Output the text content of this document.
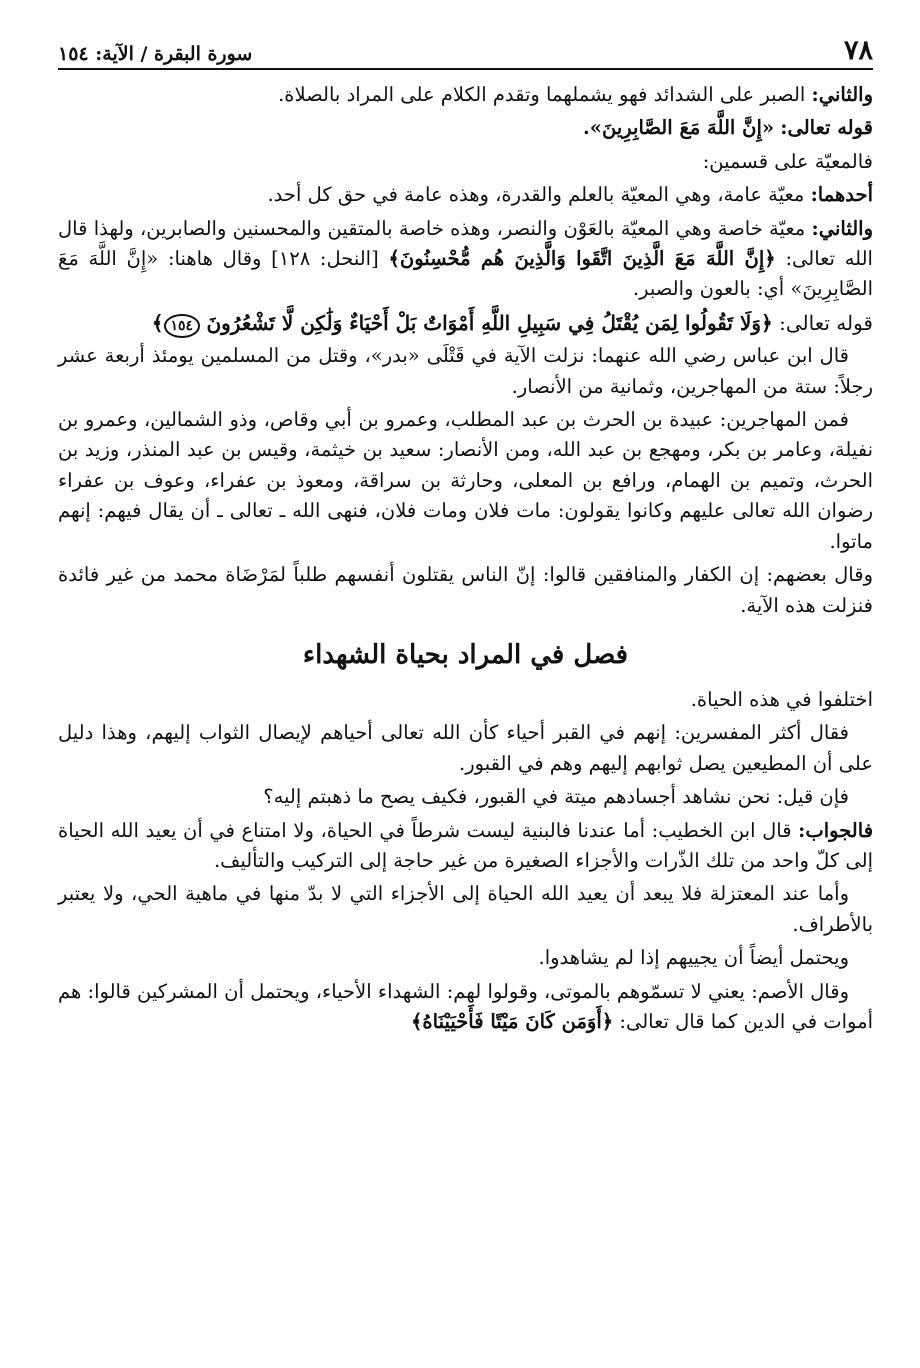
٧٨
سورة البقرة / الآية: ١٥٤

والثاني: الصبر على الشدائد فهو يشملهما وتقدم الكلام على المراد بالصلاة.

قوله تعالى: «إِنَّ اللَّهَ مَعَ الصَّابِرِينَ».

فالمعيّة على قسمين:

أحدهما: معيّة عامة، وهي المعيّة بالعلم والقدرة، وهذه عامة في حق كل أحد.

والثاني: معيّة خاصة وهي المعيّة بالعَوْن والنصر، وهذه خاصة بالمتقين والمحسنين والصابرين، ولهذا قال الله تعالى: ﴿إِنَّ اللَّهَ مَعَ الَّذِينَ اتَّقَوا وَالَّذِينَ هُم مُّحْسِنُونَ﴾ [النحل: ١٢٨] وقال هاهنا: «إِنَّ اللَّهَ مَعَ الصَّابِرِينَ» أي: بالعون والصبر.

قوله تعالى: ﴿وَلَا تَقُولُوا لِمَن يُقْتَلُ فِي سَبِيلِ اللَّهِ أَمْوَاتٌ بَلْ أَحْيَاءٌ وَلَٰكِن لَّا تَشْعُرُونَ ١٥٤﴾

قال ابن عباس رضي الله عنهما: نزلت الآية في قَتْلَى «بدر»، وقتل من المسلمين يومئذ أربعة عشر رجلاً: ستة من المهاجرين، وثمانية من الأنصار.

فمن المهاجرين: عبيدة بن الحرث بن عبد المطلب، وعمرو بن أبي وقاص، وذو الشمالين، وعمرو بن نفيلة، وعامر بن بكر، ومهجع بن عبد الله، ومن الأنصار: سعيد بن خيثمة، وقيس بن عبد المنذر، وزيد بن الحرث، وتميم بن الهمام، ورافع بن المعلى، وحارثة بن سراقة، ومعوذ بن عفراء، وعوف بن عفراء رضوان الله تعالى عليهم وكانوا يقولون: مات فلان ومات فلان، فنهى الله ـ تعالى ـ أن يقال فيهم: إنهم ماتوا.

وقال بعضهم: إن الكفار والمنافقين قالوا: إنّ الناس يقتلون أنفسهم طلباً لمَرْضَاة محمد من غير فائدة فنزلت هذه الآية.

فصل في المراد بحياة الشهداء

اختلفوا في هذه الحياة.

فقال أكثر المفسرين: إنهم في القبر أحياء كأن الله تعالى أحياهم لإيصال الثواب إليهم، وهذا دليل على أن المطيعين يصل ثوابهم إليهم وهم في القبور.

فإن قيل: نحن نشاهد أجسادهم ميتة في القبور، فكيف يصح ما ذهبتم إليه؟

فالجواب: قال ابن الخطيب: أما عندنا فالبنية ليست شرطاً في الحياة، ولا امتناع في أن يعيد الله الحياة إلى كلّ واحد من تلك الذّرات والأجزاء الصغيرة من غير حاجة إلى التركيب والتأليف.

وأما عند المعتزلة فلا يبعد أن يعيد الله الحياة إلى الأجزاء التي لا بدّ منها في ماهية الحي، ولا يعتبر بالأطراف.

ويحتمل أيضاً أن يجييهم إذا لم يشاهدوا.

وقال الأصم: يعني لا تسمّوهم بالموتى، وقولوا لهم: الشهداء الأحياء، ويحتمل أن المشركين قالوا: هم أموات في الدين كما قال تعالى: ﴿أَوَمَن كَانَ مَيْتًا فَأَحْيَيْنَاهُ﴾
